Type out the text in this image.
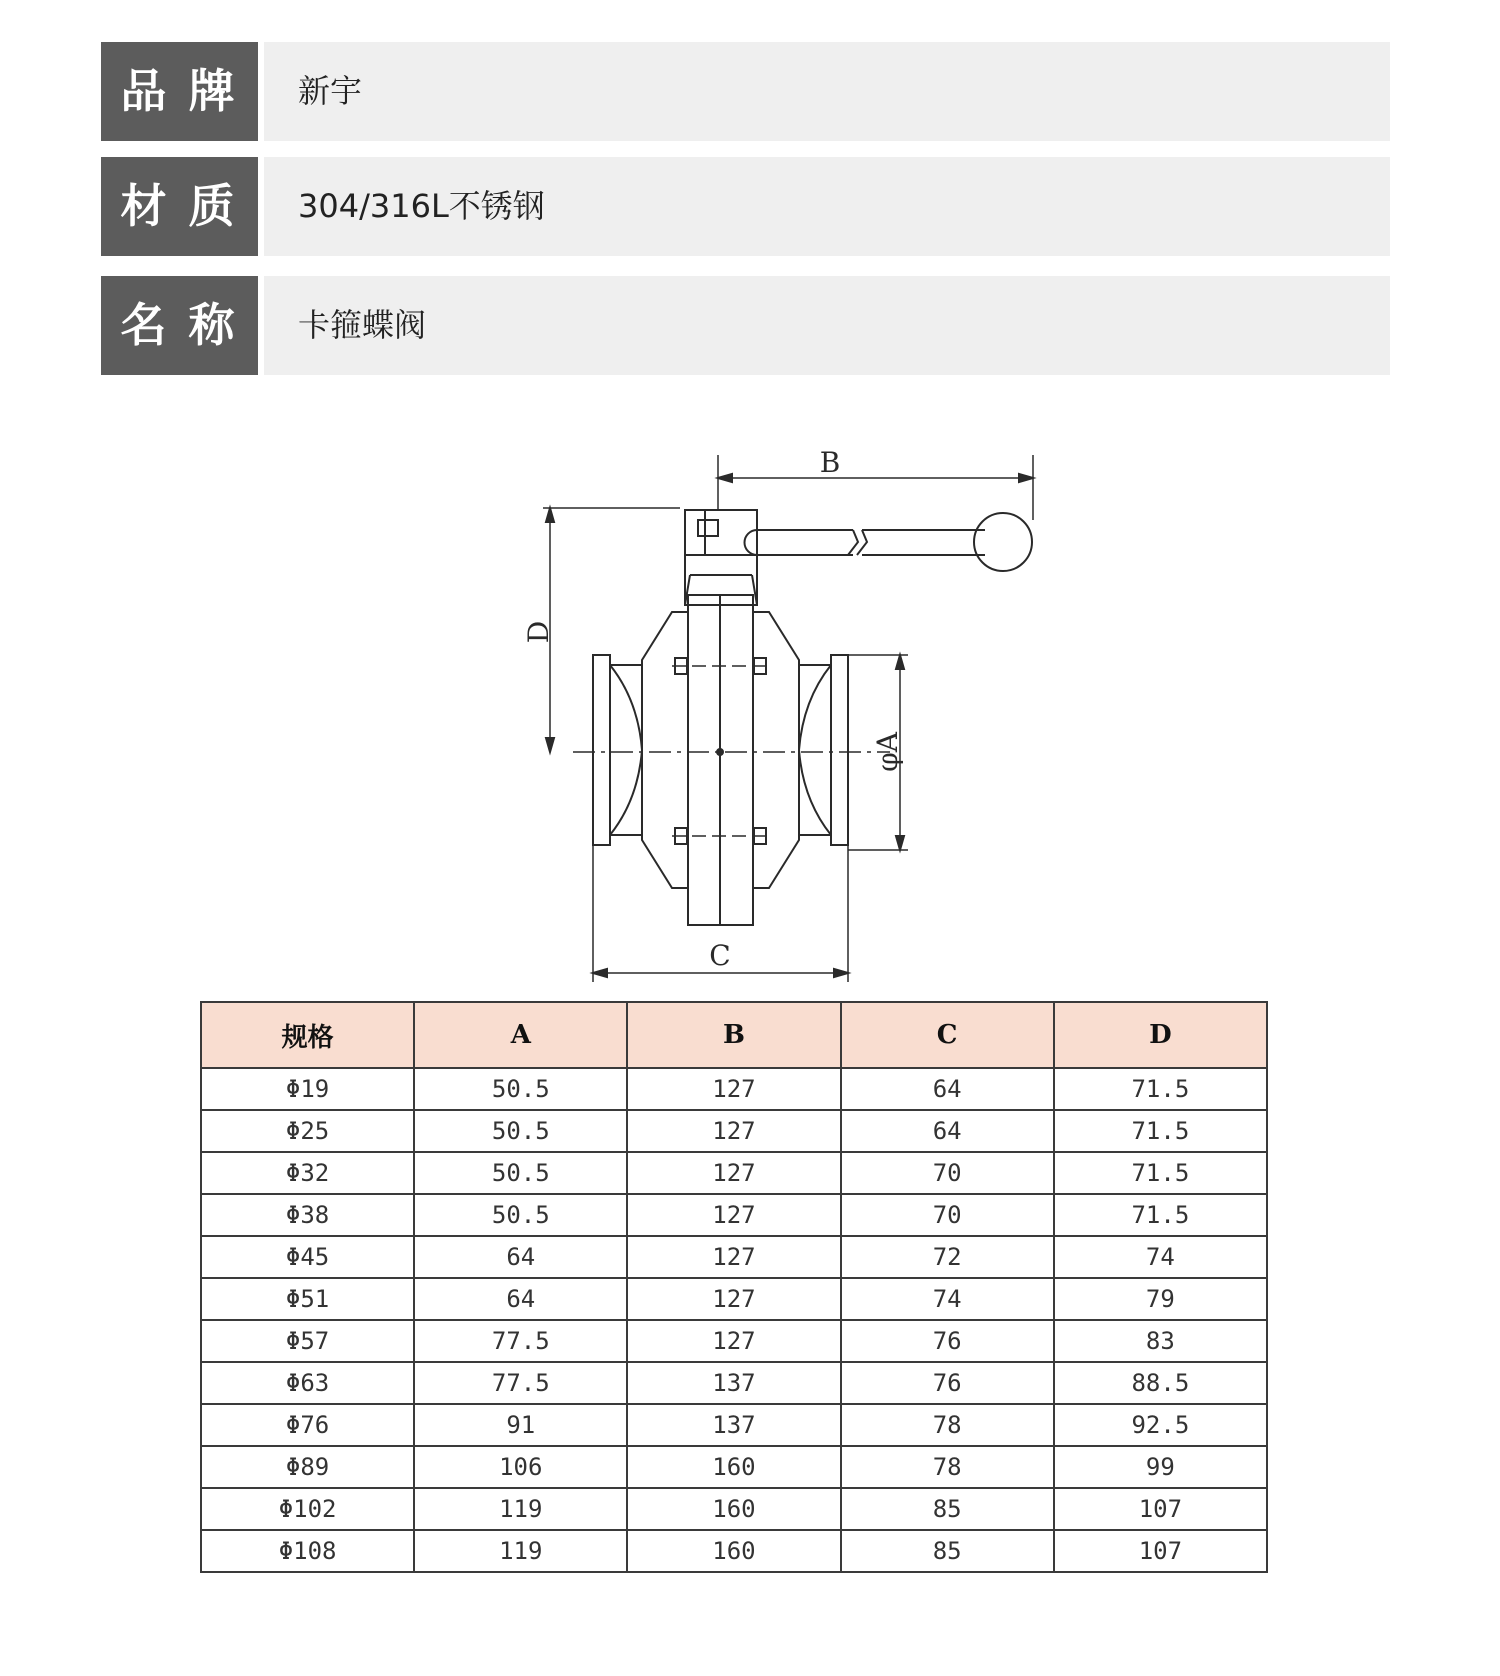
品牌	新宇
材质	304/316L不锈钢
名称	卡箍蝶阀
B
D
φA
C
规格	A	B	C	D
Φ19	50.5	127	64	71.5
Φ25	50.5	127	64	71.5
Φ32	50.5	127	70	71.5
Φ38	50.5	127	70	71.5
Φ45	64	127	72	74
Φ51	64	127	74	79
Φ57	77.5	127	76	83
Φ63	77.5	137	76	88.5
Φ76	91	137	78	92.5
Φ89	106	160	78	99
Φ102	119	160	85	107
Φ108	119	160	85	107
